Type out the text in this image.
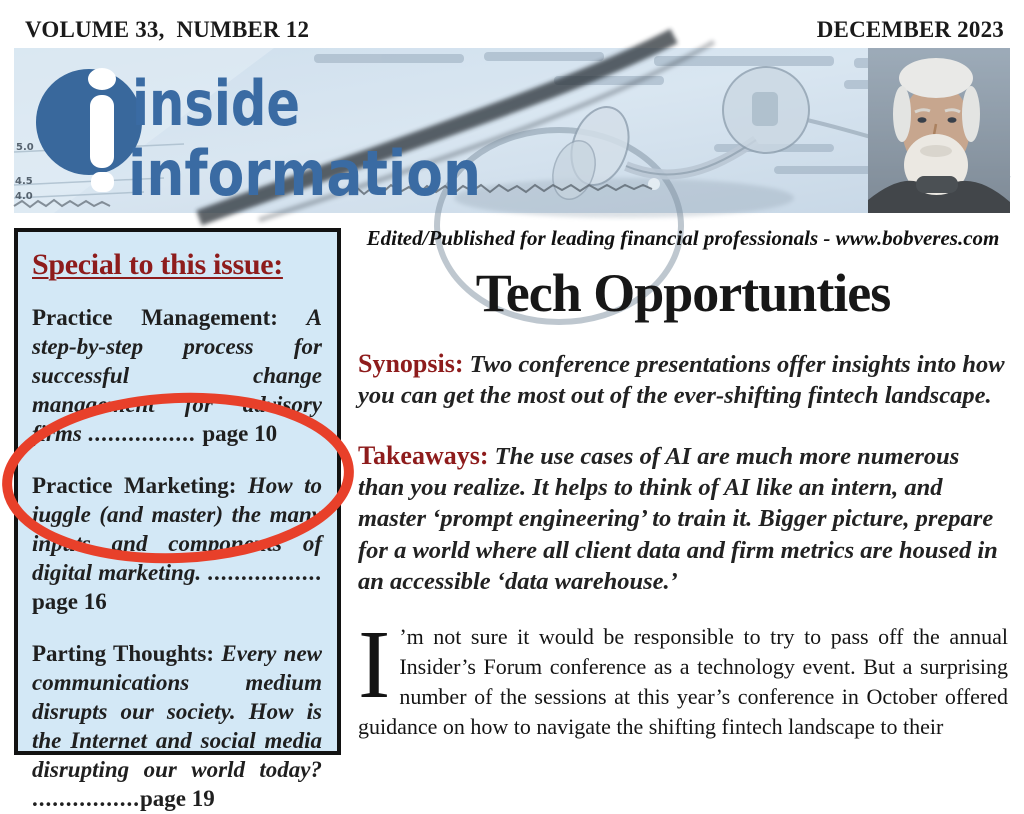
VOLUME 33,  NUMBER 12	DECEMBER 2023
5.0
4.5
4.0
inside
information
Special to this issue:

Practice Management: A step-by-step process for successful change management for advisory firms ................ page 10

Practice Marketing: How to juggle (and master) the many inputs and components of digital marketing. ................. page 16

Parting Thoughts: Every new communications medium disrupts our society. How is the Internet and social media disrupting our world today? ................page 19

Edited/Published for leading financial professionals - www.bobveres.com
Tech Opportunties

Synopsis: Two conference presentations offer insights into how you can get the most out of the ever-shifting fintech landscape.

Takeaways: The use cases of AI are much more numerous than you realize. It helps to think of AI like an intern, and master ‘prompt engineering’ to train it. Bigger picture, prepare for a world where all client data and firm metrics are housed in an accessible ‘data warehouse.’

I ’m not sure it would be responsible to try to pass off the annual Insider’s Forum conference as a technology event. But a surprising number of the sessions at this year’s conference in October offered guidance on how to navigate the shifting fintech landscape to their
